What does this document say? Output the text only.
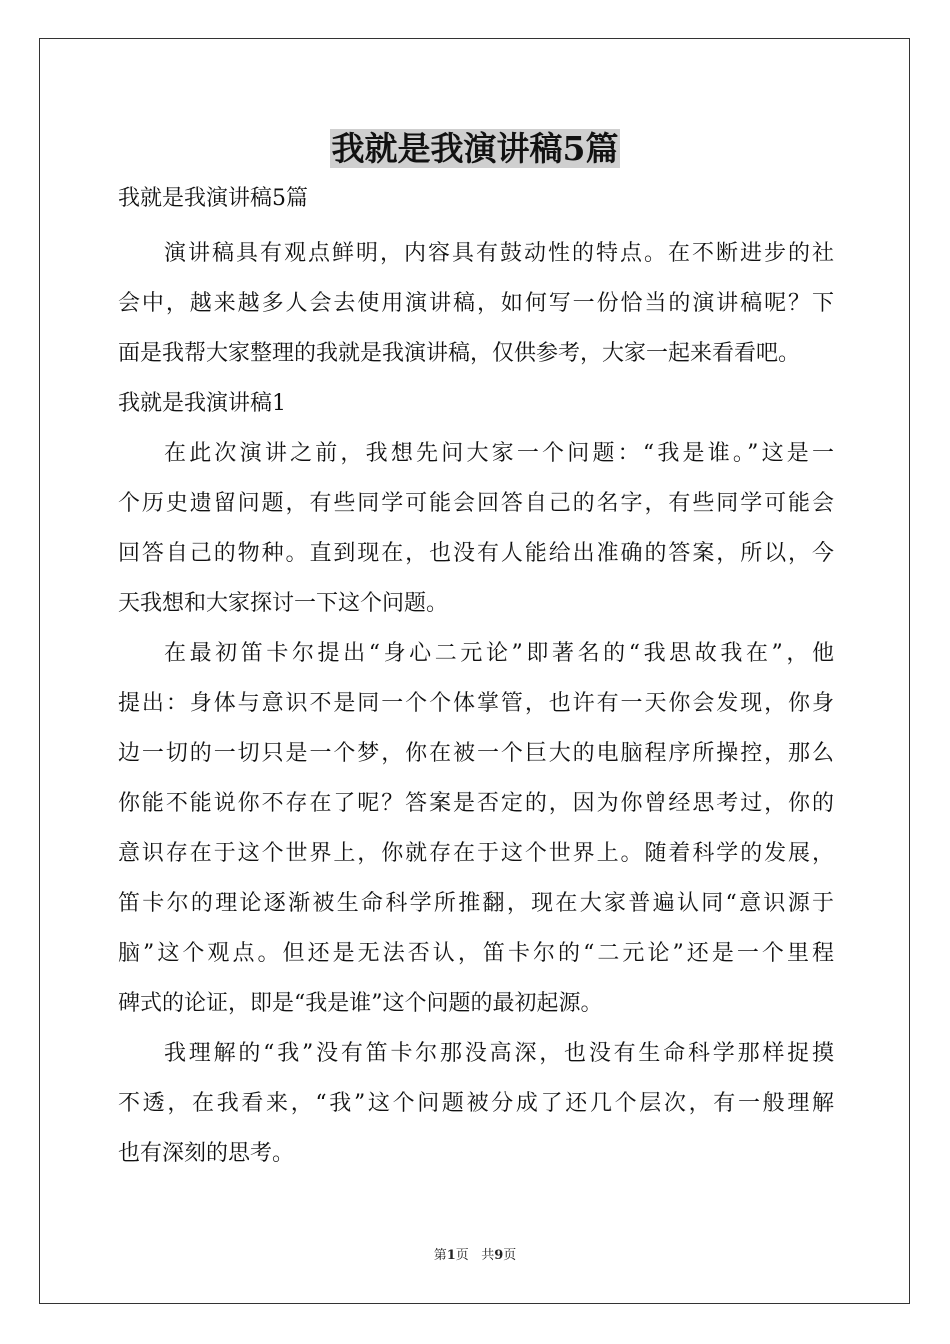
我就是我演讲稿5篇

我就是我演讲稿5篇

演讲稿具有观点鲜明，内容具有鼓动性的特点。在不断进步的社

会中，越来越多人会去使用演讲稿，如何写一份恰当的演讲稿呢？下

面是我帮大家整理的我就是我演讲稿，仅供参考，大家一起来看看吧。

我就是我演讲稿1

在此次演讲之前，我想先问大家一个问题：“我是谁。”这是一

个历史遗留问题，有些同学可能会回答自己的名字，有些同学可能会

回答自己的物种。直到现在，也没有人能给出准确的答案，所以，今

天我想和大家探讨一下这个问题。

在最初笛卡尔提出“身心二元论”即著名的“我思故我在”，他

提出：身体与意识不是同一个个体掌管，也许有一天你会发现，你身

边一切的一切只是一个梦，你在被一个巨大的电脑程序所操控，那么

你能不能说你不存在了呢？答案是否定的，因为你曾经思考过，你的

意识存在于这个世界上，你就存在于这个世界上。随着科学的发展，

笛卡尔的理论逐渐被生命科学所推翻，现在大家普遍认同“意识源于

脑”这个观点。但还是无法否认，笛卡尔的“二元论”还是一个里程

碑式的论证，即是“我是谁”这个问题的最初起源。

我理解的“我”没有笛卡尔那没高深，也没有生命科学那样捉摸

不透，在我看来，“我”这个问题被分成了还几个层次，有一般理解

也有深刻的思考。

第1页 共9页
